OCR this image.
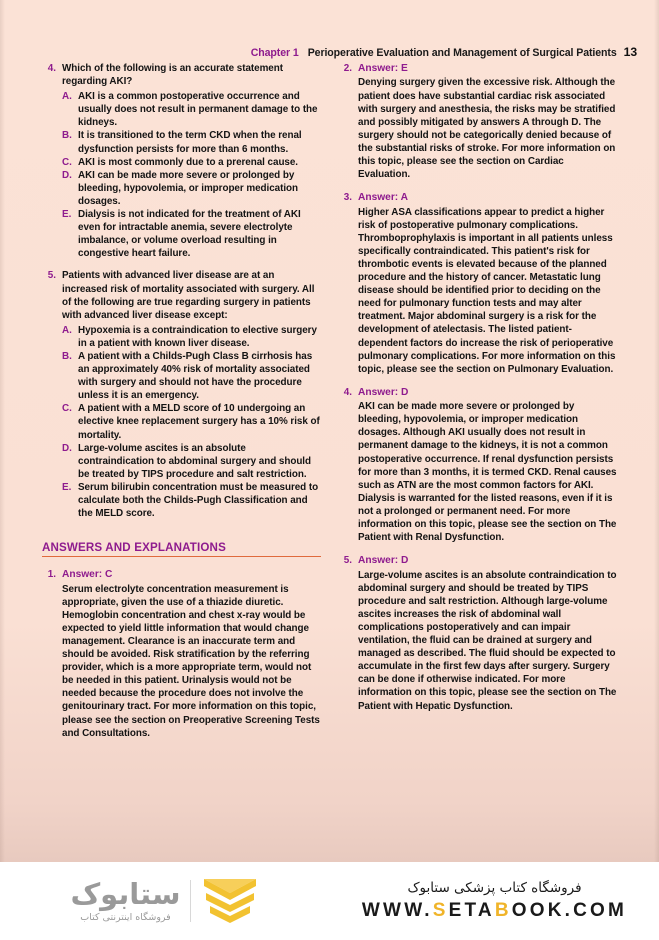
Chapter 1 Perioperative Evaluation and Management of Surgical Patients 13
4. Which of the following is an accurate statement regarding AKI?
A. AKI is a common postoperative occurrence and usually does not result in permanent damage to the kidneys.
B. It is transitioned to the term CKD when the renal dysfunction persists for more than 6 months.
C. AKI is most commonly due to a prerenal cause.
D. AKI can be made more severe or prolonged by bleeding, hypovolemia, or improper medication dosages.
E. Dialysis is not indicated for the treatment of AKI even for intractable anemia, severe electrolyte imbalance, or volume overload resulting in congestive heart failure.
5. Patients with advanced liver disease are at an increased risk of mortality associated with surgery. All of the following are true regarding surgery in patients with advanced liver disease except:
A. Hypoxemia is a contraindication to elective surgery in a patient with known liver disease.
B. A patient with a Childs-Pugh Class B cirrhosis has an approximately 40% risk of mortality associated with surgery and should not have the procedure unless it is an emergency.
C. A patient with a MELD score of 10 undergoing an elective knee replacement surgery has a 10% risk of mortality.
D. Large-volume ascites is an absolute contraindication to abdominal surgery and should be treated by TIPS procedure and salt restriction.
E. Serum bilirubin concentration must be measured to calculate both the Childs-Pugh Classification and the MELD score.
ANSWERS AND EXPLANATIONS
1. Answer: C
Serum electrolyte concentration measurement is appropriate, given the use of a thiazide diuretic. Hemoglobin concentration and chest x-ray would be expected to yield little information that would change management. Clearance is an inaccurate term and should be avoided. Risk stratification by the referring provider, which is a more appropriate term, would not be needed in this patient. Urinalysis would not be needed because the procedure does not involve the genitourinary tract. For more information on this topic, please see the section on Preoperative Screening Tests and Consultations.
2. Answer: E
Denying surgery given the excessive risk. Although the patient does have substantial cardiac risk associated with surgery and anesthesia, the risks may be stratified and possibly mitigated by answers A through D. The surgery should not be categorically denied because of the substantial risks of stroke. For more information on this topic, please see the section on Cardiac Evaluation.
3. Answer: A
Higher ASA classifications appear to predict a higher risk of postoperative pulmonary complications. Thromboprophylaxis is important in all patients unless specifically contraindicated. This patient's risk for thrombotic events is elevated because of the planned procedure and the history of cancer. Metastatic lung disease should be identified prior to deciding on the need for pulmonary function tests and may alter treatment. Major abdominal surgery is a risk for the development of atelectasis. The listed patient-dependent factors do increase the risk of perioperative pulmonary complications. For more information on this topic, please see the section on Pulmonary Evaluation.
4. Answer: D
AKI can be made more severe or prolonged by bleeding, hypovolemia, or improper medication dosages. Although AKI usually does not result in permanent damage to the kidneys, it is not a common postoperative occurrence. If renal dysfunction persists for more than 3 months, it is termed CKD. Renal causes such as ATN are the most common factors for AKI. Dialysis is warranted for the listed reasons, even if it is not a prolonged or permanent need. For more information on this topic, please see the section on The Patient with Renal Dysfunction.
5. Answer: D
Large-volume ascites is an absolute contraindication to abdominal surgery and should be treated by TIPS procedure and salt restriction. Although large-volume ascites increases the risk of abdominal wall complications postoperatively and can impair ventilation, the fluid can be drained at surgery and managed as described. The fluid should be expected to accumulate in the first few days after surgery. Surgery can be done if otherwise indicated. For more information on this topic, please see the section on The Patient with Hepatic Dysfunction.
ستابوک
فروشگاه اینترنتی کتاب
فروشگاه کتاب پزشکی ستابوک
WWW.SETABOOK.COM
